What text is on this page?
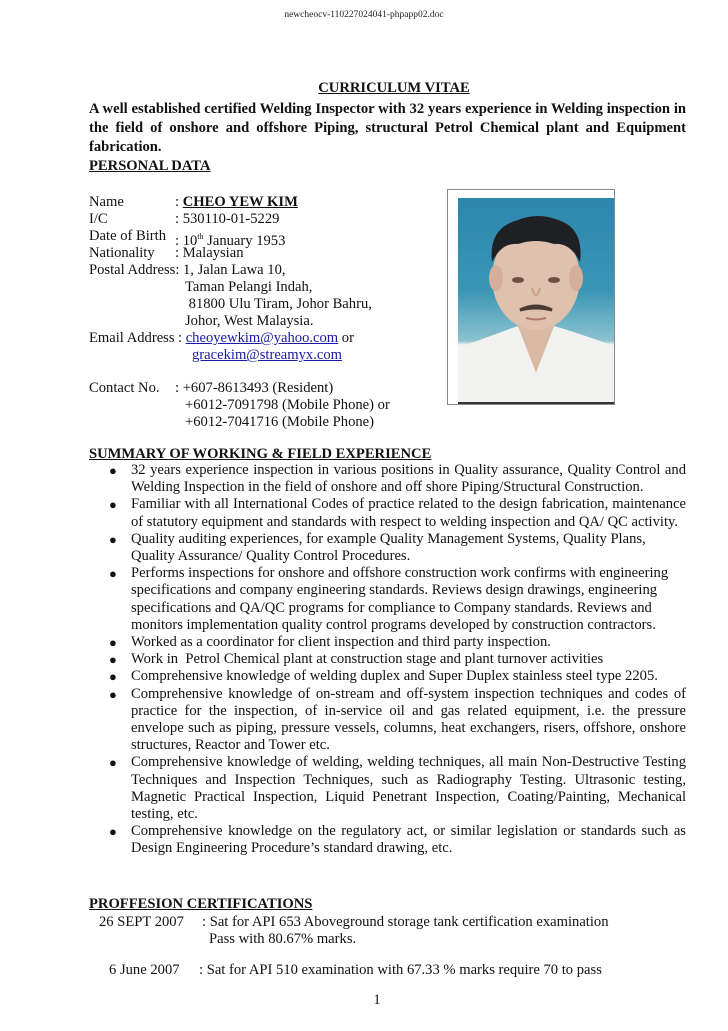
newcheocv-110227024041-phpapp02.doc
CURRICULUM VITAE
A well established certified Welding Inspector with 32 years experience in Welding inspection in the field of onshore and offshore Piping, structural Petrol Chemical plant and Equipment fabrication.
PERSONAL DATA
Name	: CHEO YEW KIM
I/C	: 530110-01-5229
Date of Birth : 10th January 1953
Nationality : Malaysian
Postal Address: 1, Jalan Lawa 10,
Taman Pelangi Indah,
81800 Ulu Tiram, Johor Bahru,
Johor, West Malaysia.
Email Address : cheoyewkim@yahoo.com or
gracekim@streamyx.com
Contact No. : +607-8613493 (Resident)
+6012-7091798 (Mobile Phone) or
+6012-7041716 (Mobile Phone)
SUMMARY OF WORKING & FIELD EXPERIENCE
● 32 years experience inspection in various positions in Quality assurance, Quality Control and Welding Inspection in the field of onshore and off shore Piping/Structural Construction.
● Familiar with all International Codes of practice related to the design fabrication, maintenance of statutory equipment and standards with respect to welding inspection and QA/ QC activity.
● Quality auditing experiences, for example Quality Management Systems, Quality Plans, Quality Assurance/ Quality Control Procedures.
● Performs inspections for onshore and offshore construction work confirms with engineering specifications and company engineering standards. Reviews design drawings, engineering specifications and QA/QC programs for compliance to Company standards. Reviews and monitors implementation quality control programs developed by construction contractors.
● Worked as a coordinator for client inspection and third party inspection.
● Work in  Petrol Chemical plant at construction stage and plant turnover activities
● Comprehensive knowledge of welding duplex and Super Duplex stainless steel type 2205.
● Comprehensive knowledge of on-stream and off-system inspection techniques and codes of practice for the inspection, of in-service oil and gas related equipment, i.e. the pressure envelope such as piping, pressure vessels, columns, heat exchangers, risers, offshore, onshore structures, Reactor and Tower etc.
● Comprehensive knowledge of welding, welding techniques, all main Non-Destructive Testing Techniques and Inspection Techniques, such as Radiography Testing. Ultrasonic testing, Magnetic Practical Inspection, Liquid Penetrant Inspection, Coating/Painting, Mechanical testing, etc.
● Comprehensive knowledge on the regulatory act, or similar legislation or standards such as Design Engineering Procedure’s standard drawing, etc.
PROFFESION CERTIFICATIONS
26 SEPT 2007 : Sat for API 653 Aboveground storage tank certification examination
Pass with 80.67% marks.
6 June 2007 : Sat for API 510 examination with 67.33 % marks require 70 to pass
1
